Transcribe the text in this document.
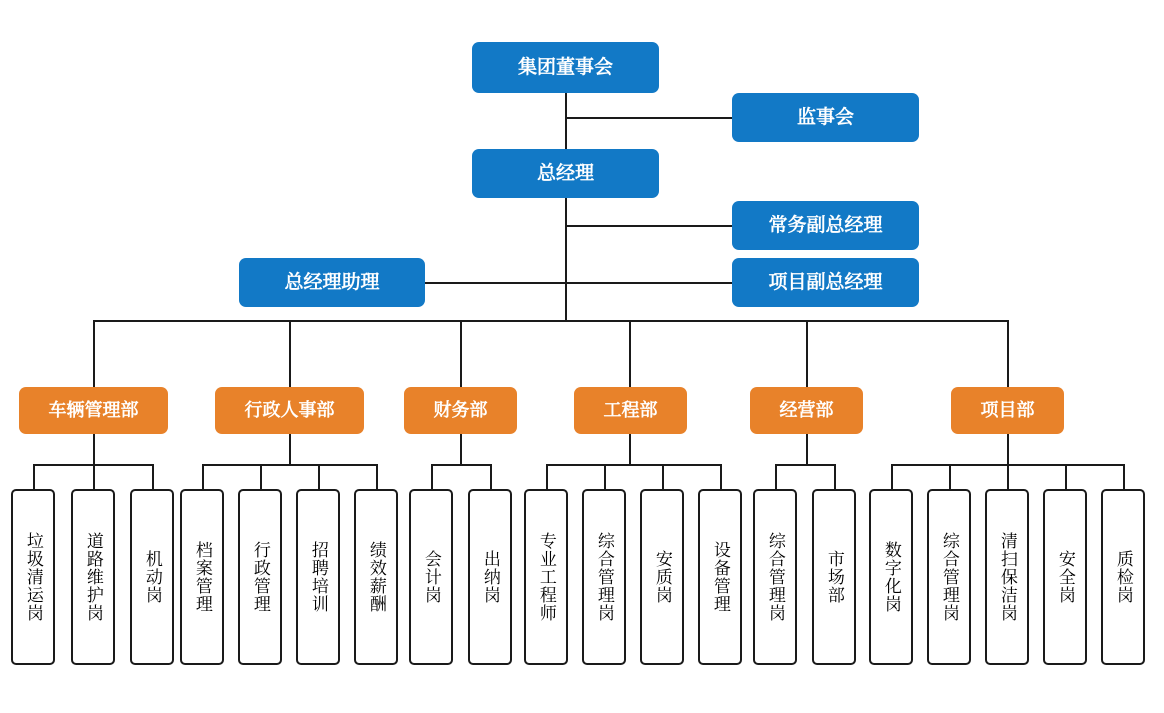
集团董事会
监事会
总经理
常务副总经理
总经理助理	项目副总经理
车辆管理部	行政人事部	财务部	工程部	经营部	项目部
垃圾清运岗	道路维护岗	机动岗	档案管理	行政管理	招聘培训	绩效薪酬	会计岗	出纳岗	专业工程师	综合管理岗	安质岗	设备管理	综合管理岗	市场部	数字化岗	综合管理岗	清扫保洁岗	安全岗	质检岗
